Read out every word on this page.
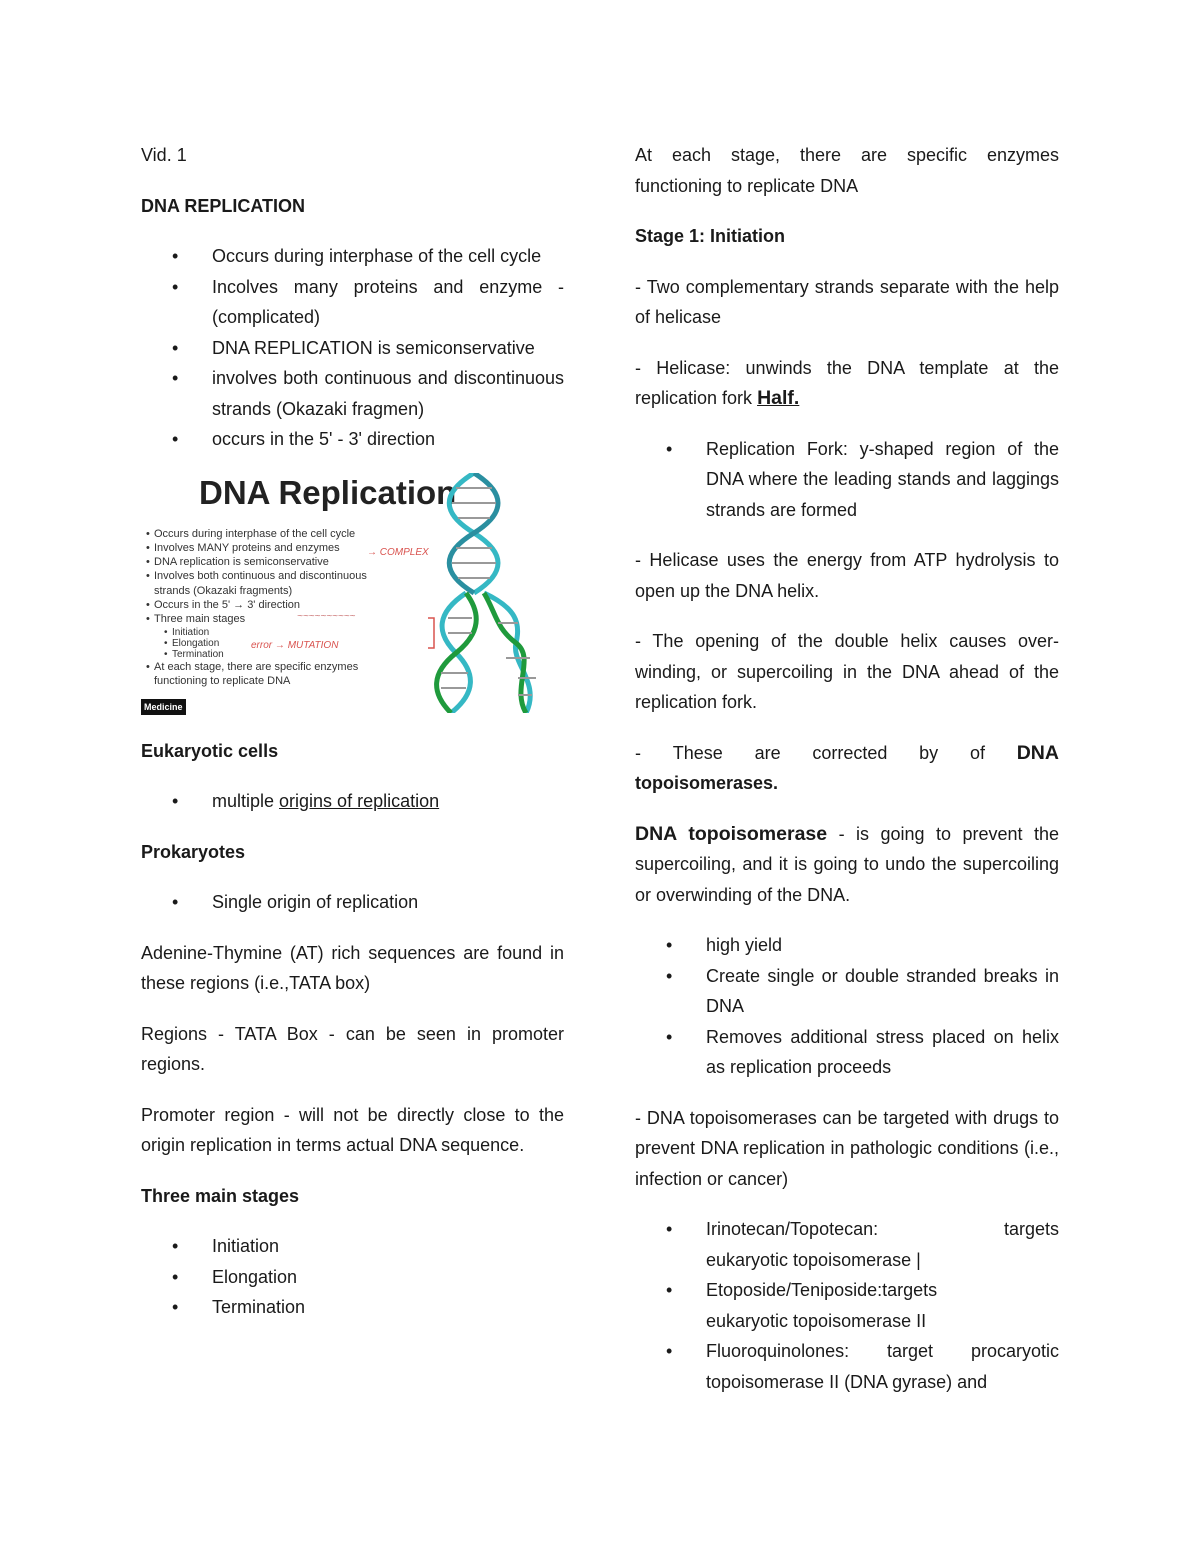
Vid. 1

DNA REPLICATION
• Occurs during interphase of the cell cycle
• Incolves many proteins and enzyme - (complicated)
• DNA REPLICATION is semiconservative
• involves both continuous and discontinuous strands (Okazaki fragmen)
• occurs in the 5' - 3' direction
DNA Replication
• Occurs during interphase of the cell cycle
• Involves MANY proteins and enzymes
• DNA replication is semiconservative
• Involves both continuous and discontinuous strands (Okazaki fragments)
• Occurs in the 5' → 3' direction
• Three main stages
• Initiation
• Elongation
• Termination
• At each stage, there are specific enzymes functioning to replicate DNA
→ COMPLEX
~~~~~~~~~~
error → MUTATION
Medicine
Eukaryotic cells
• multiple origins of replication
Prokaryotes
• Single origin of replication

Adenine-Thymine (AT) rich sequences are found in these regions (i.e.,TATA box)

Regions - TATA Box - can be seen in promoter regions.

Promoter region - will not be directly close to the origin replication in terms actual DNA sequence.

Three main stages
• Initiation
• Elongation
• Termination

At each stage, there are specific enzymes functioning to replicate DNA

Stage 1: Initiation

- Two complementary strands separate with the help of helicase

- Helicase: unwinds the DNA template at the replication fork Half.

• Replication Fork: y-shaped region of the DNA where the leading stands and laggings strands are formed

- Helicase uses the energy from ATP hydrolysis to open up the DNA helix.

- The opening of the double helix causes over-winding, or supercoiling in the DNA ahead of the replication fork.

- These are corrected by of DNA
topoisomerases.

DNA topoisomerase - is going to prevent the supercoiling, and it is going to undo the supercoiling or overwinding of the DNA.

• high yield
• Create single or double stranded breaks in DNA
• Removes additional stress placed on helix as replication proceeds

- DNA topoisomerases can be targeted with drugs to prevent DNA replication in pathologic conditions (i.e., infection or cancer)

• Irinotecan/Topotecan:	targets
eukaryotic topoisomerase |
• Etoposide/Teniposide:targets eukaryotic topoisomerase II
• Fluoroquinolones: target procaryotic topoisomerase II (DNA gyrase) and
